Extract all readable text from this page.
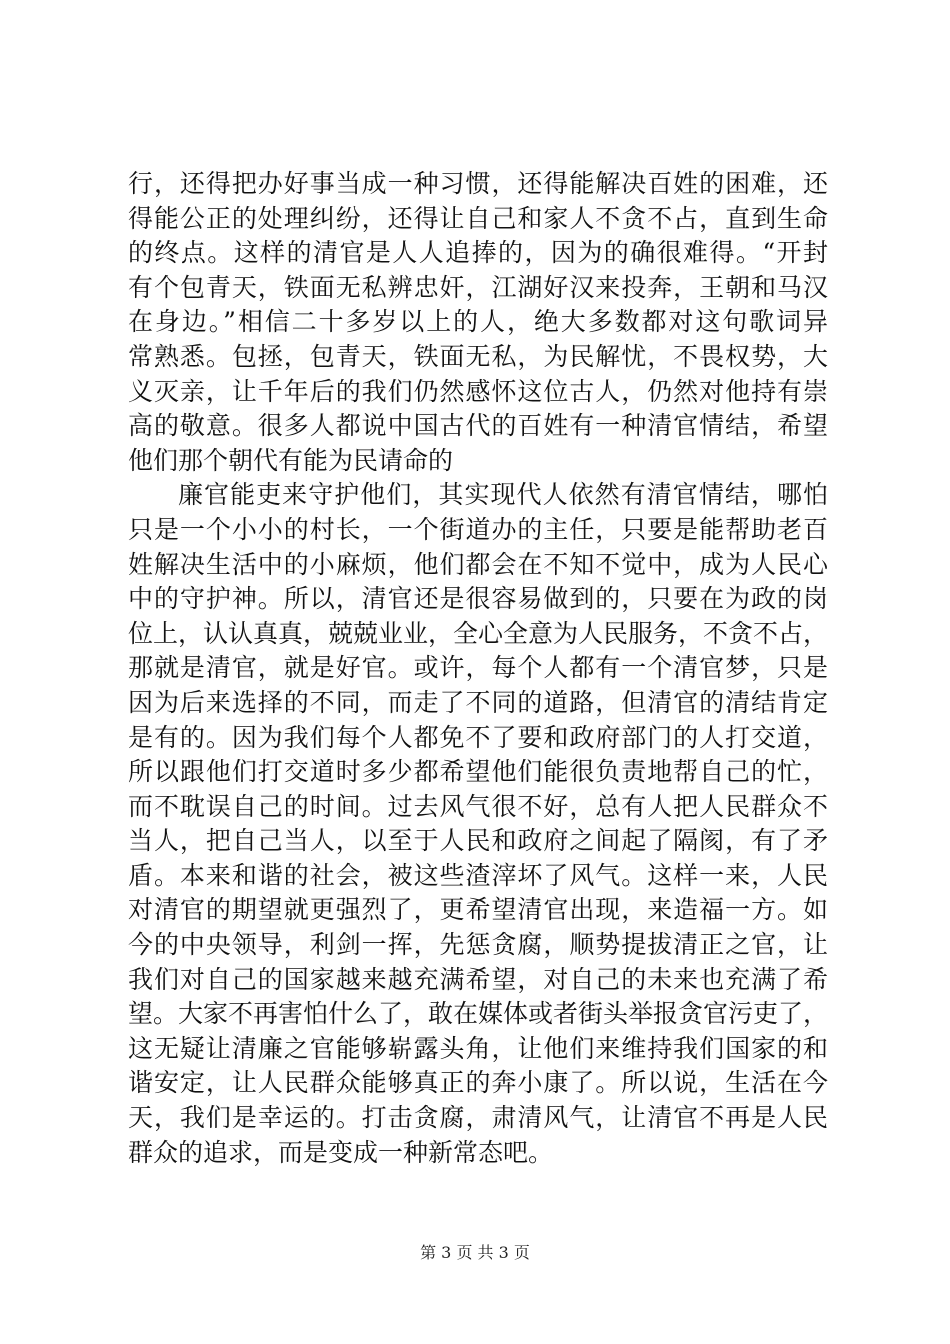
行，还得把办好事当成一种习惯，还得能解决百姓的困难，还
得能公正的处理纠纷，还得让自己和家人不贪不占，直到生命
的终点。这样的清官是人人追捧的，因为的确很难得。“开封
有个包青天，铁面无私辨忠奸，江湖好汉来投奔，王朝和马汉
在身边。”相信二十多岁以上的人，绝大多数都对这句歌词异
常熟悉。包拯，包青天，铁面无私，为民解忧，不畏权势，大
义灭亲，让千年后的我们仍然感怀这位古人，仍然对他持有崇
高的敬意。很多人都说中国古代的百姓有一种清官情结，希望
他们那个朝代有能为民请命的
廉官能吏来守护他们，其实现代人依然有清官情结，哪怕
只是一个小小的村长，一个街道办的主任，只要是能帮助老百
姓解决生活中的小麻烦，他们都会在不知不觉中，成为人民心
中的守护神。所以，清官还是很容易做到的，只要在为政的岗
位上，认认真真，兢兢业业，全心全意为人民服务，不贪不占，
那就是清官，就是好官。或许，每个人都有一个清官梦，只是
因为后来选择的不同，而走了不同的道路，但清官的清结肯定
是有的。因为我们每个人都免不了要和政府部门的人打交道，
所以跟他们打交道时多少都希望他们能很负责地帮自己的忙，
而不耽误自己的时间。过去风气很不好，总有人把人民群众不
当人，把自己当人，以至于人民和政府之间起了隔阂，有了矛
盾。本来和谐的社会，被这些渣滓坏了风气。这样一来，人民
对清官的期望就更强烈了，更希望清官出现，来造福一方。如
今的中央领导，利剑一挥，先惩贪腐，顺势提拔清正之官，让
我们对自己的国家越来越充满希望，对自己的未来也充满了希
望。大家不再害怕什么了，敢在媒体或者街头举报贪官污吏了，
这无疑让清廉之官能够崭露头角，让他们来维持我们国家的和
谐安定，让人民群众能够真正的奔小康了。所以说，生活在今
天，我们是幸运的。打击贪腐，肃清风气，让清官不再是人民
群众的追求，而是变成一种新常态吧。
第 3 页 共 3 页
